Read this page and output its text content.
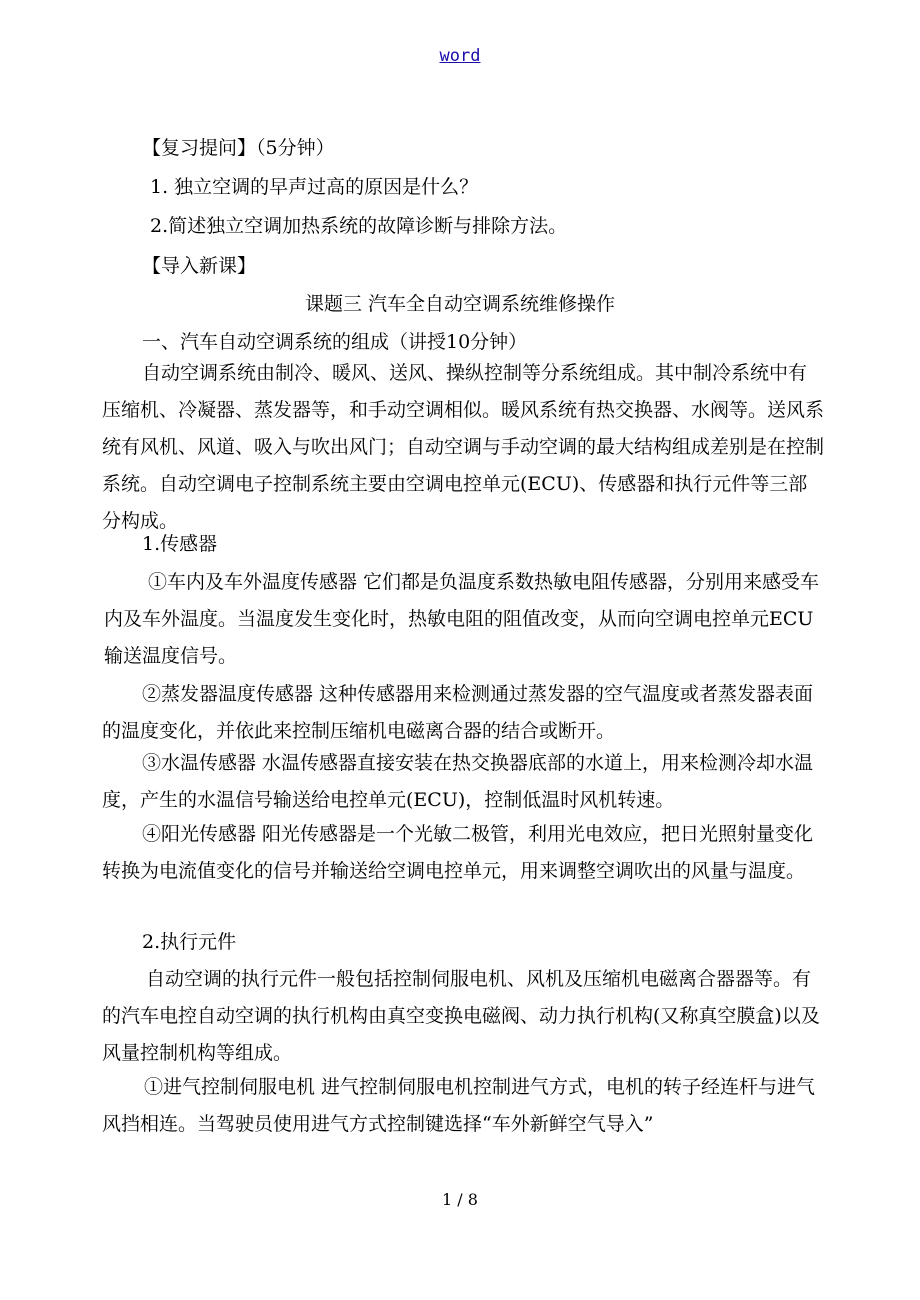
word
【复习提问】（5分钟）
1. 独立空调的早声过高的原因是什么？
2.简述独立空调加热系统的故障诊断与排除方法。
【导入新课】
课题三 汽车全自动空调系统维修操作
一、汽车自动空调系统的组成（讲授10分钟）

自动空调系统由制冷、暖风、送风、操纵控制等分系统组成。其中制冷系统中有压缩机、冷凝器、蒸发器等，和手动空调相似。暖风系统有热交换器、水阀等。送风系统有风机、风道、吸入与吹出风门；自动空调与手动空调的最大结构组成差别是在控制系统。自动空调电子控制系统主要由空调电控单元(ECU)、传感器和执行元件等三部分构成。

1.传感器

①车内及车外温度传感器 它们都是负温度系数热敏电阻传感器，分别用来感受车内及车外温度。当温度发生变化时，热敏电阻的阻值改变，从而向空调电控单元ECU输送温度信号。

②蒸发器温度传感器 这种传感器用来检测通过蒸发器的空气温度或者蒸发器表面的温度变化，并依此来控制压缩机电磁离合器的结合或断开。

③水温传感器 水温传感器直接安装在热交换器底部的水道上，用来检测冷却水温度，产生的水温信号输送给电控单元(ECU)，控制低温时风机转速。

④阳光传感器 阳光传感器是一个光敏二极管，利用光电效应，把日光照射量变化转换为电流值变化的信号并输送给空调电控单元，用来调整空调吹出的风量与温度。

2.执行元件

自动空调的执行元件一般包括控制伺服电机、风机及压缩机电磁离合器器等。有的汽车电控自动空调的执行机构由真空变换电磁阀、动力执行机构(又称真空膜盒)以及风量控制机构等组成。

①进气控制伺服电机 进气控制伺服电机控制进气方式，电机的转子经连杆与进气风挡相连。当驾驶员使用进气方式控制键选择“车外新鲜空气导入”

1 / 8
